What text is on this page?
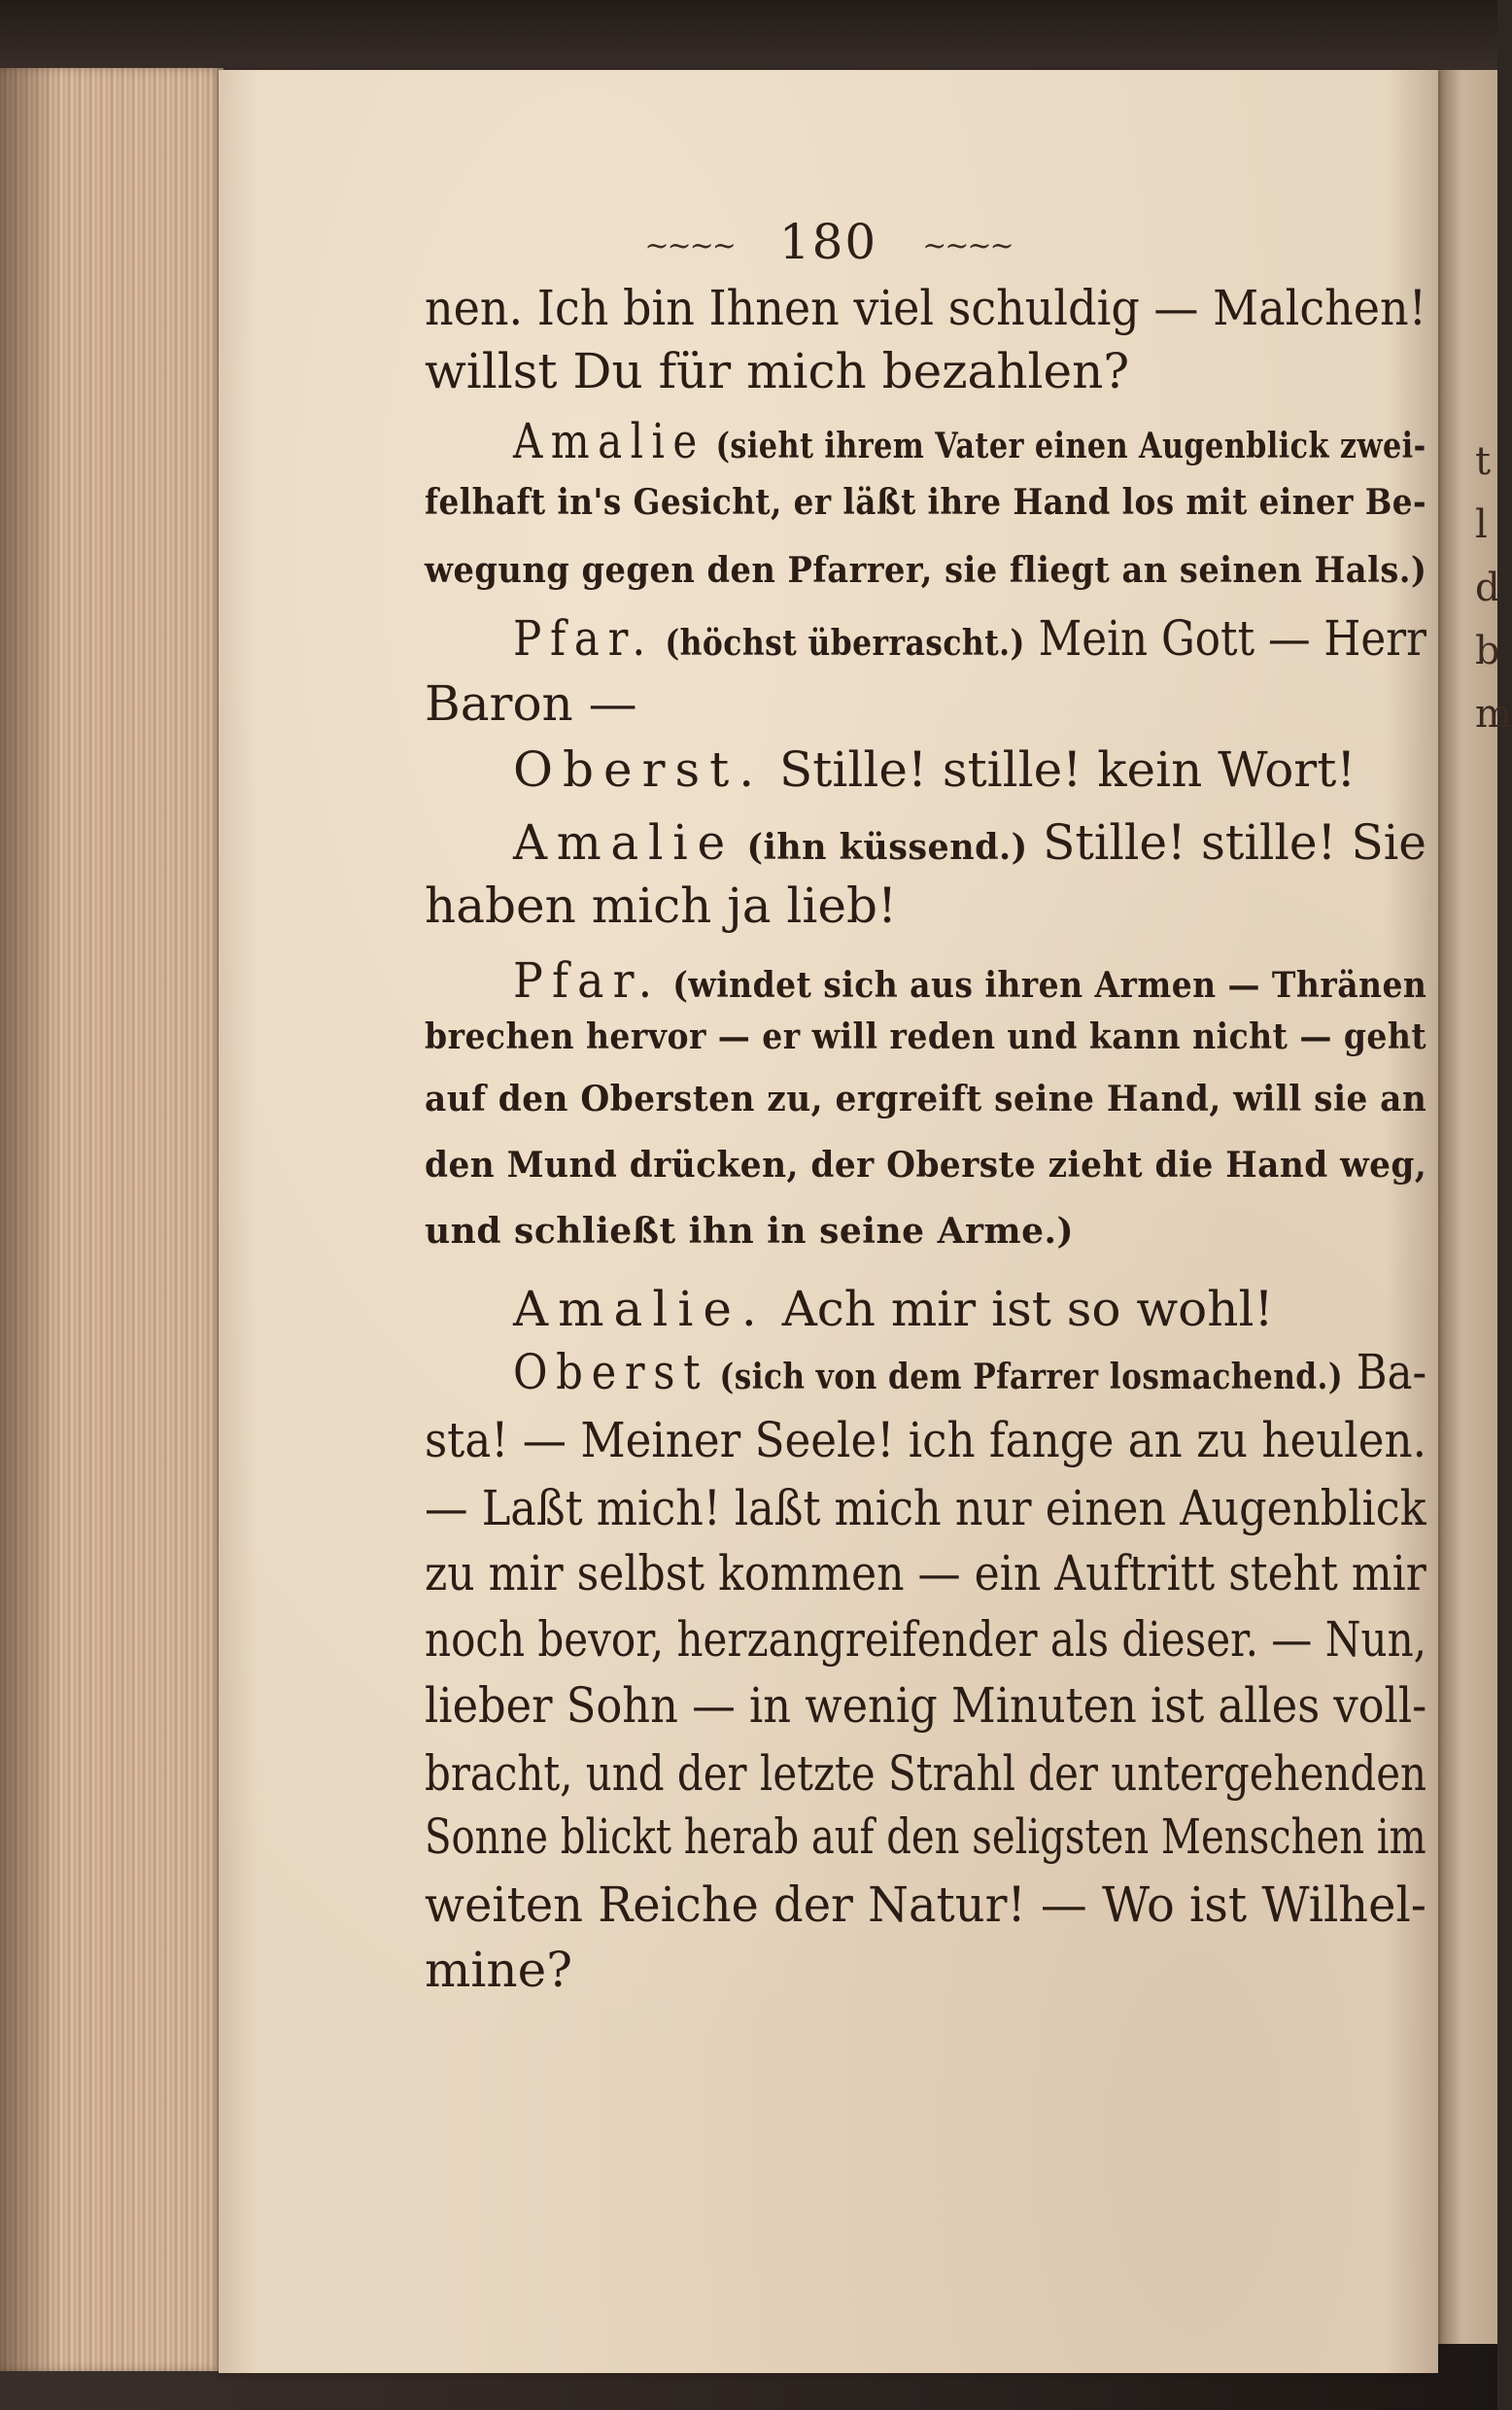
t
l
d
b
m
~~~~ 180 ~~~~
nen. Ich bin Ihnen viel schuldig — Malchen!
willst Du für mich bezahlen?
Amalie (sieht ihrem Vater einen Augenblick zwei-
felhaft in's Gesicht, er läßt ihre Hand los mit einer Be-
wegung gegen den Pfarrer, sie fliegt an seinen Hals.)
Pfar. (höchst überrascht.) Mein Gott — Herr
Baron —
Oberst. Stille! stille! kein Wort!
Amalie (ihn küssend.) Stille! stille! Sie
haben mich ja lieb!
Pfar. (windet sich aus ihren Armen — Thränen
brechen hervor — er will reden und kann nicht — geht
auf den Obersten zu, ergreift seine Hand, will sie an
den Mund drücken, der Oberste zieht die Hand weg,
und schließt ihn in seine Arme.)
Amalie. Ach mir ist so wohl!
Oberst (sich von dem Pfarrer losmachend.) Ba-
sta! — Meiner Seele! ich fange an zu heulen.
— Laßt mich! laßt mich nur einen Augenblick
zu mir selbst kommen — ein Auftritt steht mir
noch bevor, herzangreifender als dieser. — Nun,
lieber Sohn — in wenig Minuten ist alles voll-
bracht, und der letzte Strahl der untergehenden
Sonne blickt herab auf den seligsten Menschen im
weiten Reiche der Natur! — Wo ist Wilhel-
mine?
